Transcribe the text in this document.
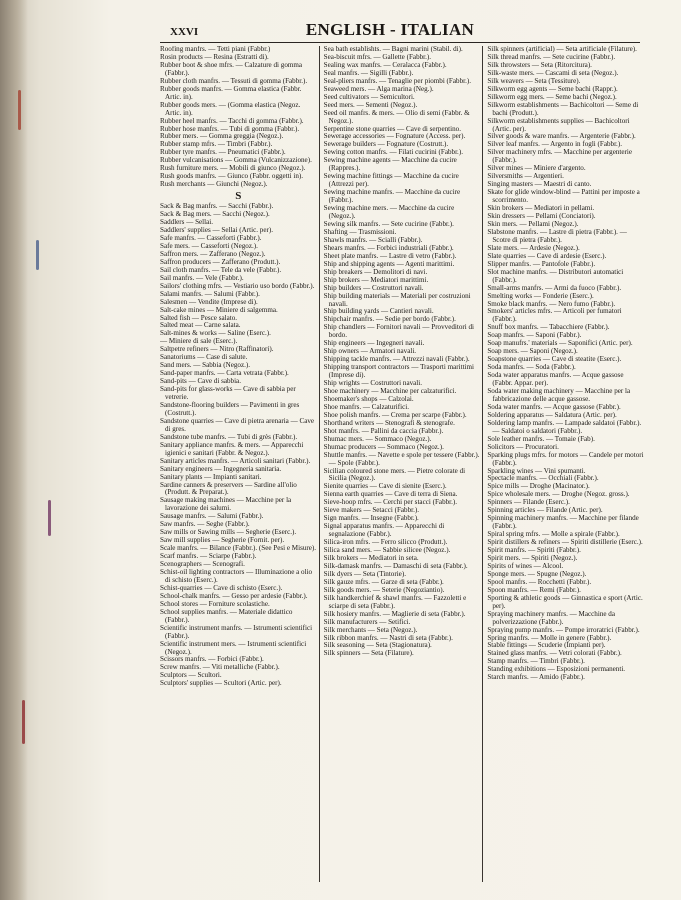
XXVI	ENGLISH - ITALIAN

Roofing manfrs. — Tetti piani (Fabbr.)

Rosin products — Resina (Estratti di).

Rubber boot & shoe mfrs. — Calzature di gomma (Fabbr.).

Rubber cloth manfrs. — Tessuti di gomma (Fabbr.).

Rubber goods manfrs. — Gomma elastica (Fabbr. Artic. in).

Rubber goods mers. — (Gomma elastica (Negoz. Artic. in).

Rubber heel manfrs. — Tacchi di gomma (Fabbr.).

Rubber hose manfrs. — Tubi di gomma (Fabbr.).

Rubber mers. — Gomma greggia (Negoz.).

Rubber stamp mfrs. — Timbri (Fabbr.).

Rubber tyre manfrs. — Pneumatici (Fabbr.).

Rubber vulcanisations — Gomma (Vulcanizzazione).

Rush furniture mers. — Mobili di giunco (Negoz.).

Rush goods manfrs. — Giunco (Fabbr. oggetti in).

Rush merchants — Giunchi (Negoz.).

S

Sack & Bag manfrs. — Sacchi (Fabbr.).

Sack & Bag mers. — Sacchi (Negoz.).

Saddlers — Sellai.

Saddlers' supplies — Sellai (Artic. per).

Safe manfrs. — Casseforti (Fabbr.).

Safe mers. — Casseforti (Negoz.).

Saffron mers. — Zafferano (Negoz.).

Saffron producers — Zafferano (Produtt.).

Sail cloth manfrs. — Tele da vele (Fabbr.).

Sail manfrs. — Vele (Fabbr.).

Sailors' clothing mfrs. — Vestiario uso bordo (Fabbr.).

Salami manfrs. — Salumi (Fabbr.).

Salesmen — Vendite (Imprese di).

Salt-cake mines — Miniere di salgemma.

Salted fish — Pesce salato.

Salted meat — Carne salata.

Salt-mines & works — Saline (Eserc.).

— Miniere di sale (Eserc.).

Saltpetre refiners — Nitro (Raffinatori).

Sanatoriums — Case di salute.

Sand mers. — Sabbia (Negoz.).

Sand-paper manfrs. — Carta vetrata (Fabbr.).

Sand-pits — Cave di sabbia.

Sand-pits for glass-works — Cave di sabbia per vetrerie.

Sandstone-flooring builders — Pavimenti in gres (Costrutt.).

Sandstone quarries — Cave di pietra arenaria — Cave di gres.

Sandstone tube manfrs. — Tubi di grès (Fabbr.).

Sanitary appliance manfrs. & mers. — Apparecchi igienici e sanitari (Fabbr. & Negoz.).

Sanitary articles manfrs. — Articoli sanitari (Fabbr.).

Sanitary engineers — Ingegneria sanitaria.

Sanitary plants — Impianti sanitari.

Sardine canners & preservers — Sardine all'olio (Produtt. & Preparat.).

Sausage making machines — Macchine per la lavorazione dei salumi.

Sausage manfrs. — Salumi (Fabbr.).

Saw manfrs. — Seghe (Fabbr.).

Saw mills or Sawing mills — Segherie (Eserc.).

Saw mill supplies — Segherie (Fornit. per).

Scale manfrs. — Bilance (Fabbr.). (See Pesi e Misure).

Scarf manfrs. — Sciarpe (Fabbr.).

Scenographers — Scenografi.

Schist-oil lighting contractors — Illuminazione a olio di schisto (Eserc.).

Schist-quarries — Cave di schisto (Eserc.).

School-chalk manfrs. — Gesso per ardesie (Fabbr.).

School stores — Forniture scolastiche.

School supplies manfrs. — Materiale didattico (Fabbr.).

Scientific instrument manfrs. — Istrumenti scientifici (Fabbr.).

Scientific instrument mers. — Istrumenti scientifici (Negoz.).

Scissors manfrs. — Forbici (Fabbr.).

Screw manfrs. — Viti metalliche (Fabbr.).

Sculptors — Scultori.

Sculptors' supplies — Scultori (Artic. per).

Sea bath establishts. — Bagni marini (Stabil. di).

Sea-biscuit mfrs. — Gallette (Fabbr.).

Sealing wax manfrs. — Ceralacca (Fabbr.).

Seal manfrs. — Sigilli (Fabbr.).

Seal-pliers manfrs. — Tenaglie per piombi (Fabbr.).

Seaweed mers. — Alga marina (Neg.).

Seed cultivators — Semicultori.

Seed mers. — Sementi (Negoz.).

Seed oil manfrs. & mers. — Olio di semi (Fabbr. & Negoz.).

Serpentine stone quarries — Cave di serpentino.

Sewerage accessories — Fognature (Access. per).

Sewerage builders — Fognature (Costrutt.).

Sewing cotton manfrs. — Filati cucirini (Fabbr.).

Sewing machine agents — Macchine da cucire (Rappres.).

Sewing machine fittings — Macchine da cucire (Attrezzi per).

Sewing machine manfrs. — Macchine da cucire (Fabbr.).

Sewing machine mers. — Macchine da cucire (Negoz.).

Sewing silk manfrs. — Sete cucirine (Fabbr.).

Shafting — Trasmissioni.

Shawls manfrs. — Scialli (Fabbr.).

Shears manfrs. — Forbici industriali (Fabbr.).

Sheet plate manfrs. — Lastre di vetro (Fabbr.).

Ship and shipping agents — Agenti marittimi.

Ship breakers — Demolitori di navi.

Ship brokers — Mediatori marittimi.

Ship builders — Costruttori navali.

Ship building materials — Materiali per costruzioni navali.

Ship building yards — Cantieri navali.

Shipchair manfrs. — Sedie per bordo (Fabbr.).

Ship chandlers — Fornitori navali — Provveditori di bordo.

Ship engineers — Ingegneri navali.

Ship owners — Armatori navali.

Shipping tackle manfrs. — Attrezzi navali (Fabbr.).

Shipping transport contractors — Trasporti marittimi (Imprese di).

Ship wrights — Costruttori navali.

Shoe machinery — Macchine per calzaturifici.

Shoemaker's shops — Calzolai.

Shoe manfrs. — Calzaturifici.

Shoe polish manfrs. — Crema per scarpe (Fabbr.).

Shorthand writers — Stenografi & stenografe.

Shot manfrs. — Pallini da caccia (Fabbr.).

Shumac mers. — Sommaco (Negoz.).

Shumac producers — Sommaco (Negoz.).

Shuttle manfrs. — Navette e spole per tessere (Fabbr.). — Spole (Fabbr.).

Sicilian coloured stone mers. — Pietre colorate di Sicilia (Negoz.).

Sienite quarries — Cave di sienite (Eserc.).

Sienna earth quarries — Cave di terra di Siena.

Sieve-hoop mfrs. — Cerchi per stacci (Fabbr.).

Sieve makers — Setacci (Fabbr.).

Sign manfrs. — Insegne (Fabbr.).

Signal apparatus manfrs. — Apparecchi di segnalazione (Fabbr.).

Silica-iron mfrs. — Ferro silicco (Produtt.).

Silica sand mers. — Sabbie silicee (Negoz.).

Silk brokers — Mediatori in seta.

Silk-damask manfrs. — Damaschi di seta (Fabbr.).

Silk dyers — Seta (Tintorie).

Silk gauze mfrs. — Garze di seta (Fabbr.).

Silk goods mers. — Seterie (Negoziantio).

Silk handkerchief & shawl manfrs. — Fazzoletti e sciarpe di seta (Fabbr.).

Silk hosiery manfrs. — Maglierie di seta (Fabbr.).

Silk manufacturers — Setifici.

Silk merchants — Seta (Negoz.).

Silk ribbon manfrs. — Nastri di seta (Fabbr.).

Silk seasoning — Seta (Stagionatura).

Silk spinners — Seta (Filature).

Silk spinners (artificial) — Seta artificiale (Filature).

Silk thread manfrs. — Sete cucirine (Fabbr.).

Silk throwsters — Seta (Ritorcitura).

Silk-waste mers. — Cascami di seta (Negoz.).

Silk weavers — Seta (Tessiture).

Silkworm egg agents — Seme bachi (Rappr.).

Silkworm egg mers. — Seme bachi (Negoz.).

Silkworm establishments — Bachicoltori — Seme di bachi (Produtt.).

Silkworm establishments supplies — Bachicoltori (Artic. per).

Silver goods & ware manfrs. — Argenterie (Fabbr.).

Silver leaf manfrs. — Argento in fogli (Fabbr.).

Silver machinery mfrs. — Macchine per argenterie (Fabbr.).

Silver mines — Miniere d'argento.

Silversmiths — Argentieri.

Singing masters — Maestri di canto.

Skate for glide window-blind — Pattini per imposte a scorrimento.

Skin brokers — Mediatori in pellami.

Skin dressers — Pellami (Conciatori).

Skin mers. — Pellami (Negoz.).

Slabstone manfrs. — Lastre di pietra (Fabbr.). — Scotre di pietra (Fabbr.).

Slate mers. — Ardesie (Negoz.).

Slate quarries — Cave di ardesie (Eserc.).

Slipper manfrs. — Pantofole (Fabbr.).

Slot machine manfrs. — Distributori automatici (Fabbr.).

Small-arms manfrs. — Armi da fuoco (Fabbr.).

Smelting works — Fonderie (Eserc.).

Smoke black manfrs. — Nero fumo (Fabbr.).

Smokers' articles mfrs. — Articoli per fumatori (Fabbr.).

Snuff box manfrs. — Tabacchiere (Fabbr.).

Soap manfrs. — Saponi (Fabbr.).

Soap manufrs.' materials — Saponifici (Artic. per).

Soap mers. — Saponi (Negoz.).

Soapstone quarries — Cave di steatite (Eserc.).

Soda manfrs. — Soda (Fabbr.).

Soda water apparatus manfrs. — Acque gassose (Fabbr. Appar. per).

Soda water making machinery — Macchine per la fabbricazione delle acque gassose.

Soda water manfrs. — Acque gassose (Fabbr.).

Soldering apparatus — Saldatura (Artic. per).

Soldering lamp manfrs. — Lampade saldatoi (Fabbr.). — Saldatoi o saldatori (Fabbr.).

Sole leather manfrs. — Tomaie (Fab).

Solicitors — Procuratori.

Sparking plugs mfrs. for motors — Candele per motori (Fabbr.).

Sparkling wines — Vini spumanti.

Spectacle manfrs. — Occhiali (Fabbr.).

Spice mills — Droghe (Macinator.).

Spice wholesale mers. — Droghe (Negoz. gross.).

Spinners — Filande (Eserc.).

Spinning articles — Filande (Artic. per).

Spinning machinery manfrs. — Macchine per filande (Fabbr.).

Spiral spring mfrs. — Molle a spirale (Fabbr.).

Spirit distillers & refiners — Spiriti distillerie (Eserc.).

Spirit manfrs. — Spiriti (Fabbr.).

Spirit mers. — Spiriti (Negoz.).

Spirits of wines — Alcool.

Sponge mers. — Spugne (Negoz.).

Spool manfrs. — Rocchetti (Fabbr.).

Spoon manfrs. — Remi (Fabbr.).

Sporting & athletic goods — Ginnastica e sport (Artic. per).

Spraying machinery manfrs. — Macchine da polverizzazione (Fabbr.).

Spraying pump manfrs. — Pompe irroratrici (Fabbr.).

Spring manfrs. — Molle in genere (Fabbr.).

Stable fittings — Scuderie (Impianti per).

Stained glass manfrs. — Vetri colorati (Fabbr.).

Stamp manfrs. — Timbri (Fabbr.).

Standing exhibitions — Esposizioni permanenti.

Starch manfrs. — Amido (Fabbr.).
